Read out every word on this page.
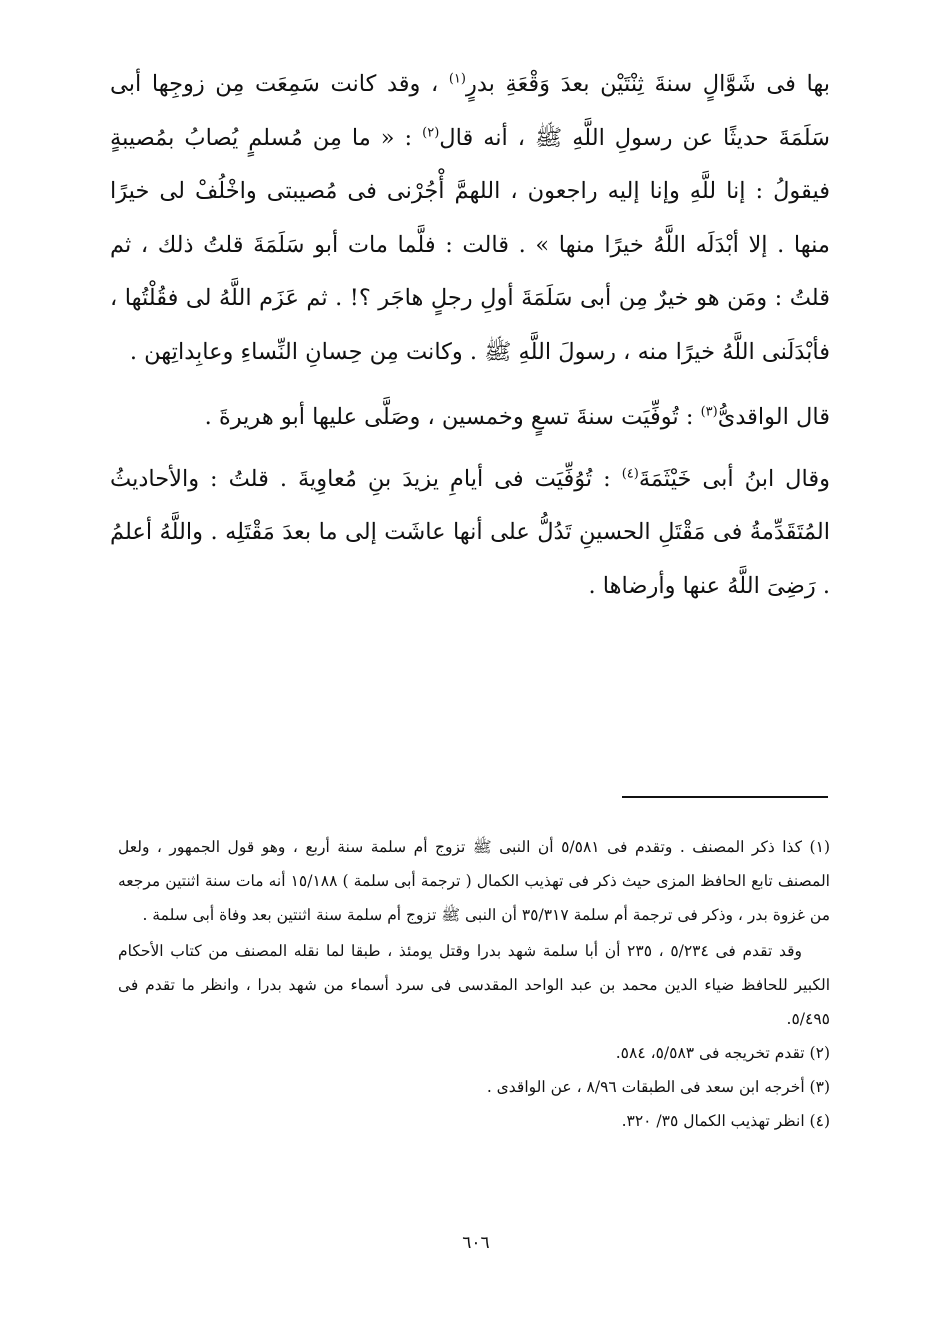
بها فى شَوَّالٍ سنةَ ثِنْتَيْن بعدَ وَقْعَةِ بدرٍ$^{(١)}$ ، وقد كانت سَمِعَت مِن زوجِها أبى سَلَمَةَ حديثًا عن رسولِ اللَّهِ ﷺ ، أنه قال$^{(٢)}$ : « ما مِن مُسلمٍ يُصابُ بمُصيبةٍ فيقولُ : إنا للَّهِ وإنا إليه راجعون ، اللهمَّ أْجُرْنى فى مُصيبتى واخْلُفْ لى خيرًا منها . إلا أبْدَلَه اللَّهُ خيرًا منها » . قالت : فلَّما مات أبو سَلَمَةَ قلتُ ذلك ، ثم قلتُ : ومَن هو خيرٌ مِن أبى سَلَمَةَ أولِ رجلٍ هاجَر ؟! . ثم عَزَم اللَّهُ لى فقُلْتُها ، فأبْدَلَنى اللَّهُ خيرًا منه ، رسولَ اللَّهِ ﷺ . وكانت مِن حِسانِ النِّساءِ وعابِداتِهن .

قال الواقدىُّ$^{(٣)}$ : تُوفِّيَت سنةَ تسعٍ وخمسين ، وصَلَّى عليها أبو هريرةَ .

وقال ابنُ أبى خَيْثَمَةَ$^{(٤)}$ : تُوُفِّيَت فى أيامِ يزيدَ بنِ مُعاوِيةَ . قلتُ : والأحاديثُ المُتَقَدِّمةُ فى مَقْتَلِ الحسينِ تَدُلُّ على أنها عاشَت إلى ما بعدَ مَقْتَلِه . واللَّهُ أعلمُ . رَضِىَ اللَّهُ عنها وأرضاها .

(١) كذا ذكر المصنف . وتقدم فى ٥/٥٨١ أن النبى ﷺ تزوج أم سلمة سنة أربع ، وهو قول الجمهور ، ولعل المصنف تابع الحافظ المزى حيث ذكر فى تهذيب الكمال ( ترجمة أبى سلمة ) ١٥/١٨٨ أنه مات سنة اثنتين مرجعه من غزوة بدر ، وذكر فى ترجمة أم سلمة ٣٥/٣١٧ أن النبى ﷺ تزوج أم سلمة سنة اثنتين بعد وفاة أبى سلمة .

وقد تقدم فى ٥/٢٣٤ ، ٢٣٥ أن أبا سلمة شهد بدرا وقتل يومئذ ، طبقا لما نقله المصنف من كتاب الأحكام الكبير للحافظ ضياء الدين محمد بن عبد الواحد المقدسى فى سرد أسماء من شهد بدرا ، وانظر ما تقدم فى ٥/٤٩٥.

(٢) تقدم تخريجه فى ٥/٥٨٣، ٥٨٤.

(٣) أخرجه ابن سعد فى الطبقات ٨/٩٦ ، عن الواقدى .

(٤) انظر تهذيب الكمال ٣٥/ ٣٢٠.

٦٠٦
